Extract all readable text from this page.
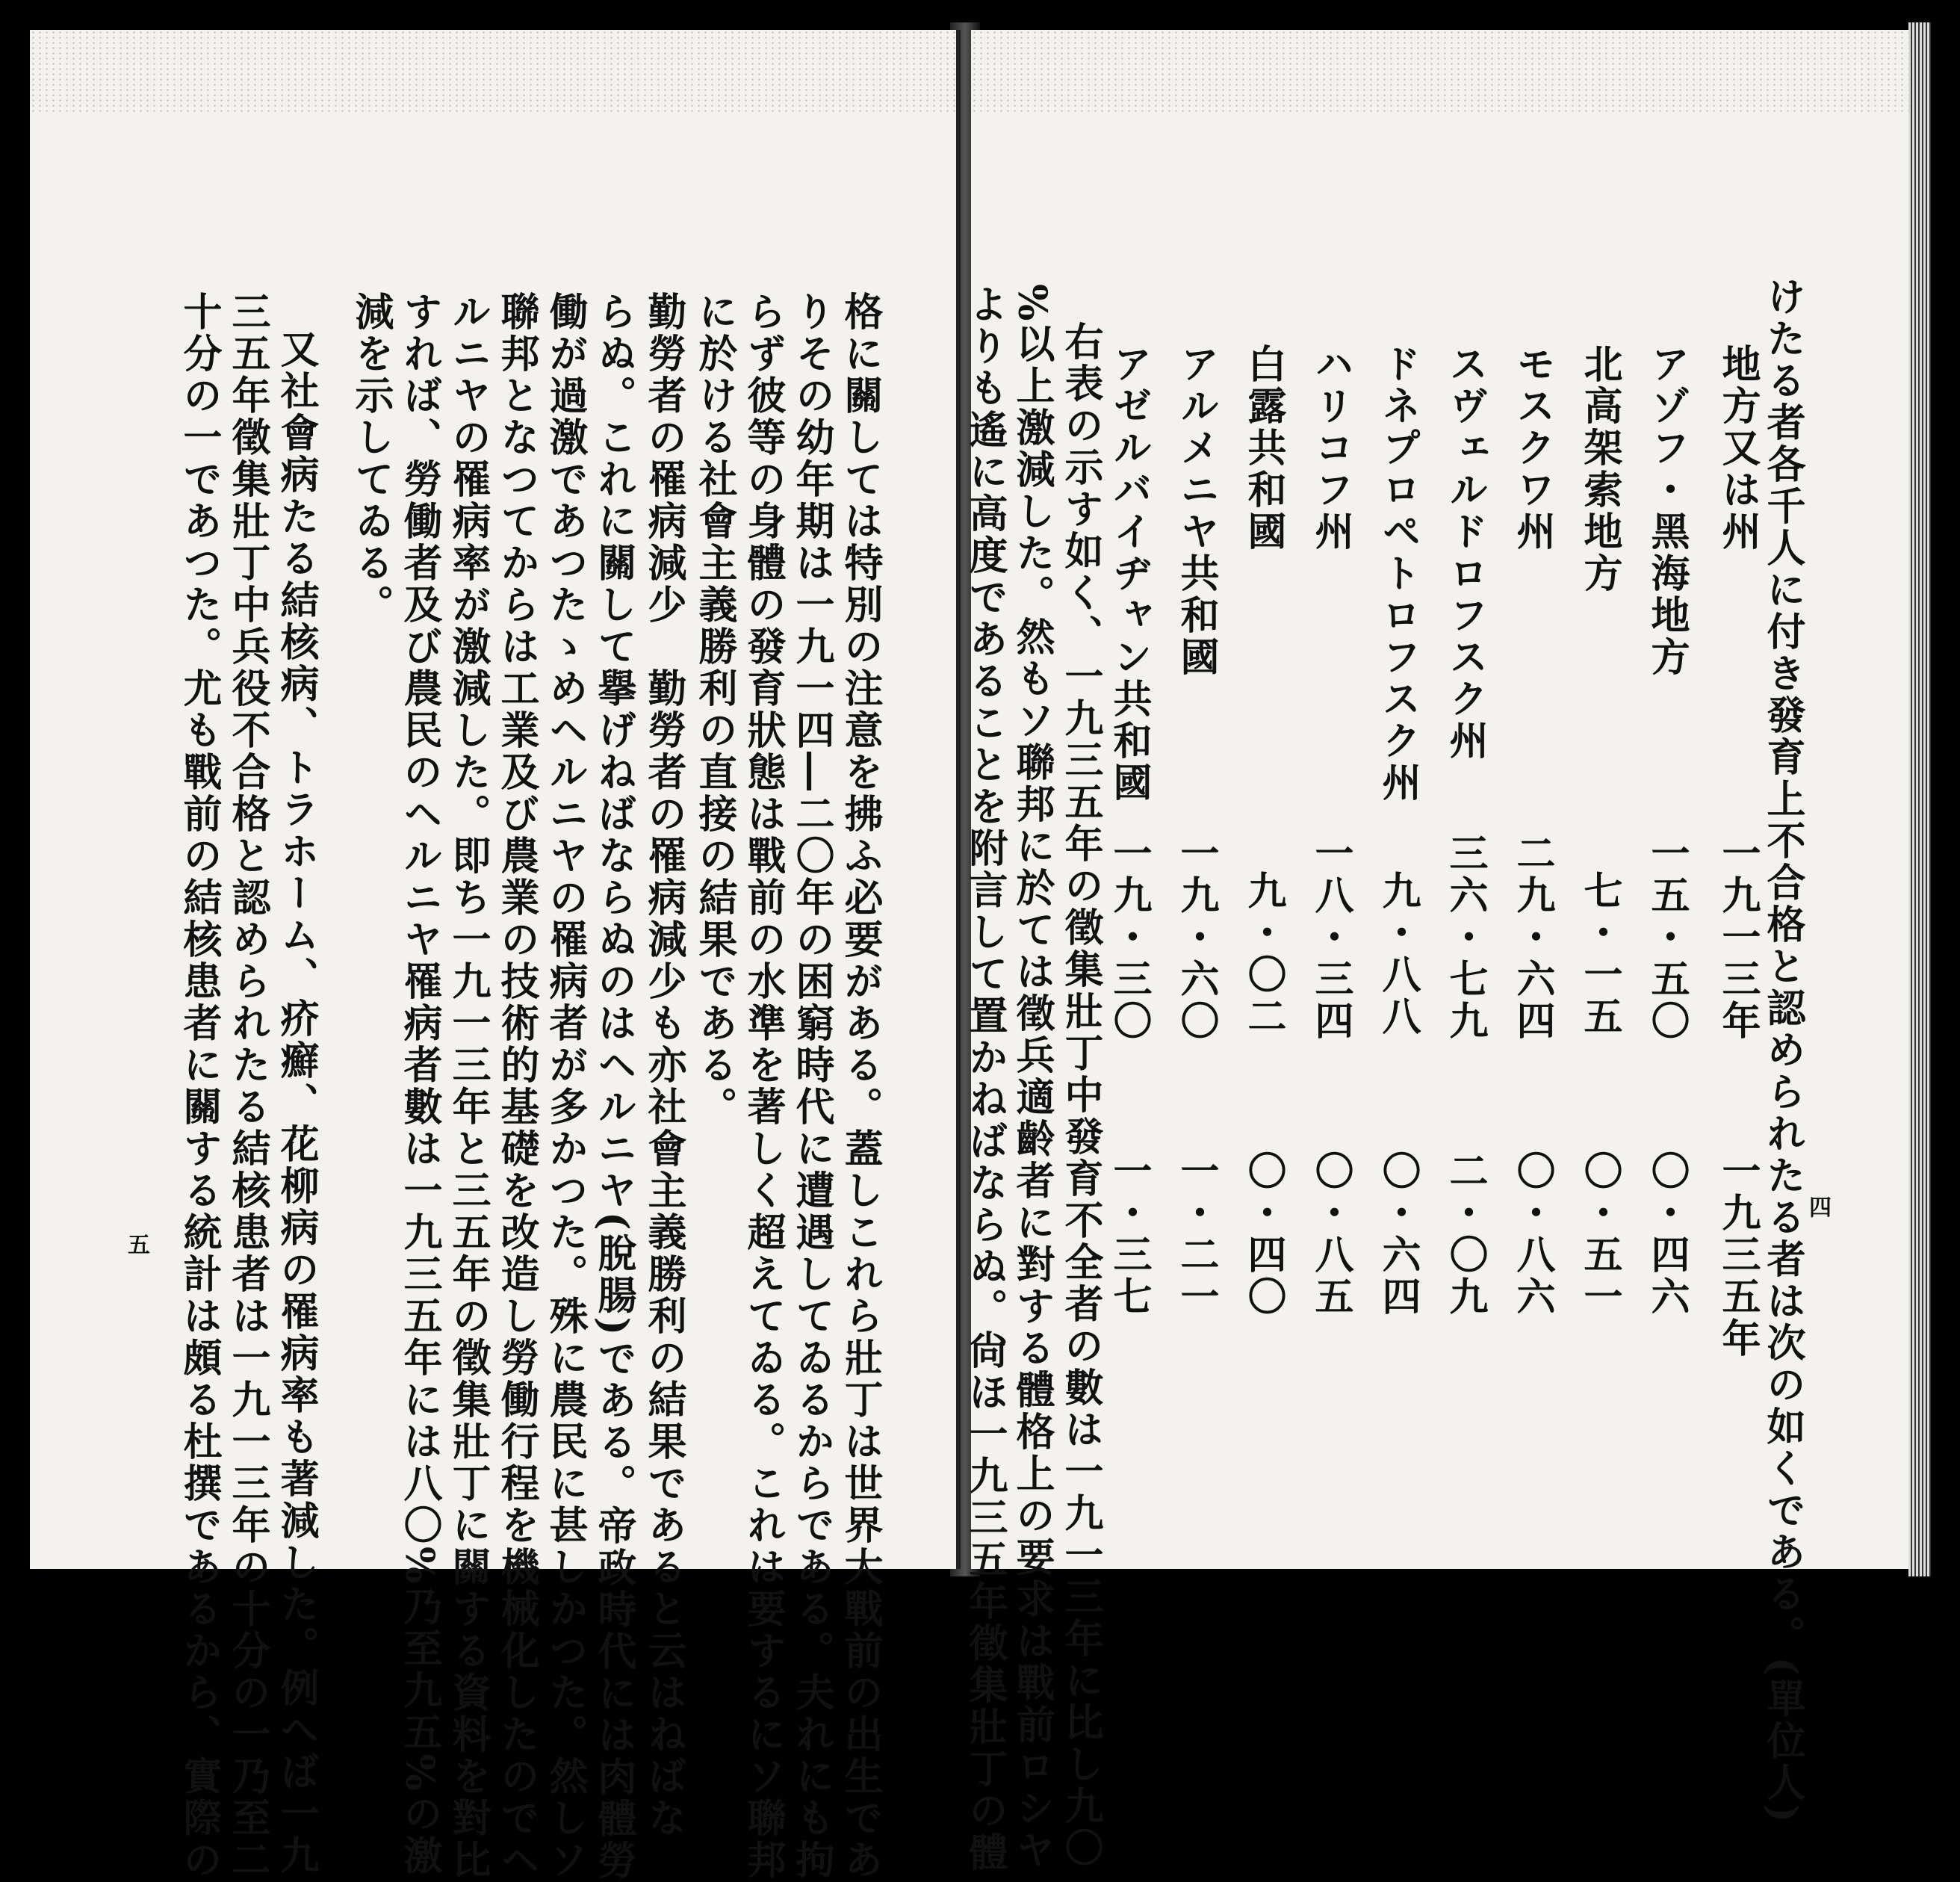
四
けたる者各千人に付き發育上不合格と認められたる者は次の如くである。(單位人)
地方又は州
一九一三年
一九三五年
アゾフ・黑海地方
一五・五〇
〇・四六
北高架索地方
七・一五
〇・五一
モスクワ州
二九・六四
〇・八六
スヴェルドロフスク州
三六・七九
二・〇九
ドネプロペトロフスク州
九・八八
〇・六四
ハリコフ州
一八・三四
〇・八五
白露共和國
九・〇二
〇・四〇
アルメニヤ共和國
一九・六〇
一・二一
アゼルバイヂャン共和國
一九・三〇
一・三七
右表の示す如く、一九三五年の徵集壯丁中發育不全者の數は一九一三年に比し九〇
%以上激減した。然もソ聯邦に於ては徵兵適齡者に對する體格上の要求は戰前ロシヤ
よりも遙に高度であることを附言して置かねばならぬ。尙ほ一九三五年徵集壯丁の體
格に關しては特別の注意を拂ふ必要がある。蓋しこれら壯丁は世界大戰前の出生であ
りその幼年期は一九一四―二〇年の困窮時代に遭遇してゐるからである。夫れにも拘
らず彼等の身體の發育狀態は戰前の水準を著しく超えてゐる。これは要するにソ聯邦
に於ける社會主義勝利の直接の結果である。
勤勞者の罹病減少　勤勞者の罹病減少も亦社會主義勝利の結果であると云はねばな
らぬ。これに關して擧げねばならぬのはヘルニヤ(脫腸)である。帝政時代には肉體勞
働が過激であつたゝめヘルニヤの罹病者が多かつた。殊に農民に甚しかつた。然しソ
聯邦となつてからは工業及び農業の技術的基礎を改造し勞働行程を機械化したのでヘ
ルニヤの罹病率が激減した。即ち一九一三年と三五年の徵集壯丁に關する資料を對比
すれば、勞働者及び農民のヘルニヤ罹病者數は一九三五年には八〇%乃至九五%の激
減を示してゐる。
又社會病たる結核病、トラホーム、疥癬、花柳病の罹病率も著減した。例へば一九
三五年徵集壯丁中兵役不合格と認められたる結核患者は一九一三年の十分の一乃至二
十分の一であつた。尤も戰前の結核患者に關する統計は頗る杜撰であるから、實際の
五
